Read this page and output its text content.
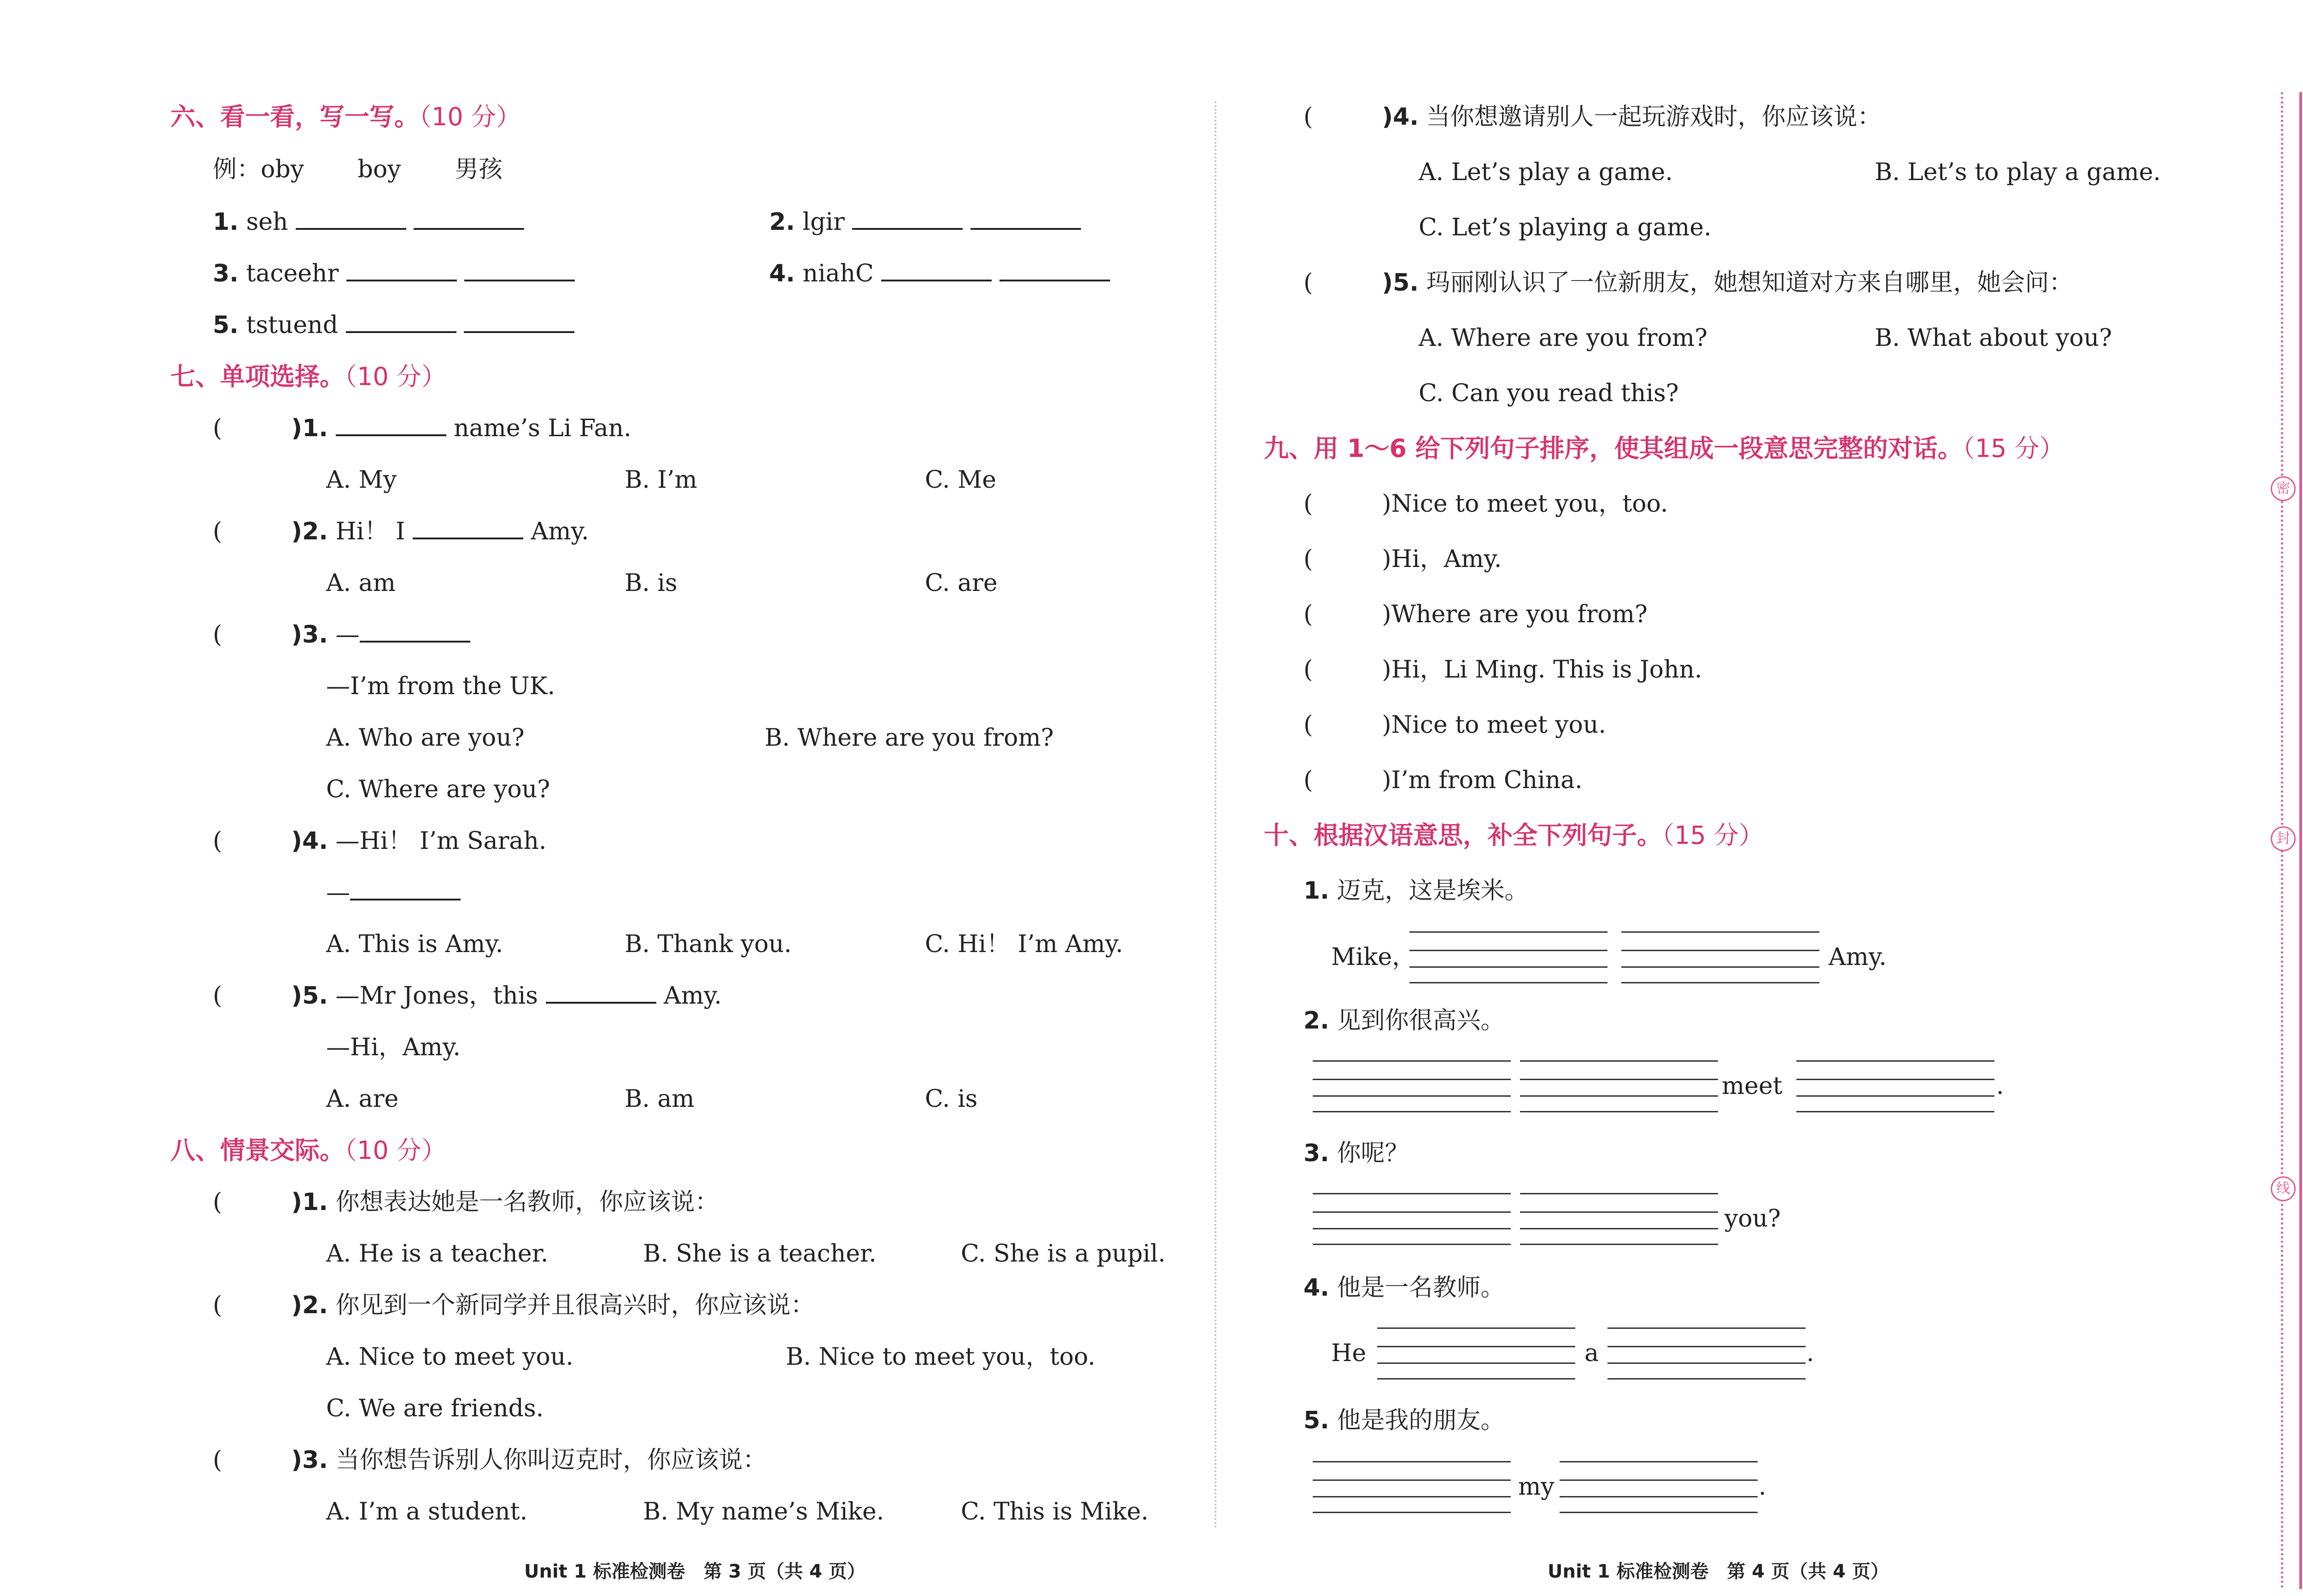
六、看一看，写一写。（10 分）
例：oby boy 男孩
1. seh	2. lgir
3. taceehr	4. niahC
5. tstuend
七、单项选择。（10 分）
(	)1.	name’s Li Fan.
A. My	B. I’m	C. Me
(	)2. Hi！ I	Amy.
A. am	B. is	C. are
(	)3. —
—I’m from the UK.
A. Who are you?	B. Where are you from?
C. Where are you?
(	)4. —Hi！ I’m Sarah.
—
A. This is Amy.	B. Thank you.	C. Hi！ I’m Amy.
(	)5. —Mr Jones，this	Amy.
—Hi，Amy.
A. are	B. am	C. is
八、情景交际。（10 分）
(	)1. 你想表达她是一名教师，你应该说：
A. He is a teacher.	B. She is a teacher.	C. She is a pupil.
(	)2. 你见到一个新同学并且很高兴时，你应该说：
A. Nice to meet you.	B. Nice to meet you，too.
C. We are friends.
(	)3. 当你想告诉别人你叫迈克时，你应该说：
A. I’m a student.	B. My name’s Mike.	C. This is Mike.
Unit 1 标准检测卷　第 3 页（共 4 页）
(	)4. 当你想邀请别人一起玩游戏时，你应该说：
A. Let’s play a game.	B. Let’s to play a game.
C. Let’s playing a game.
(	)5. 玛丽刚认识了一位新朋友，她想知道对方来自哪里，她会问：
A. Where are you from?	B. What about you?
C. Can you read this?
九、用 1～6 给下列句子排序，使其组成一段意思完整的对话。（15 分）
(	)Nice to meet you，too.
(	)Hi，Amy.
(	)Where are you from?
(	)Hi，Li Ming. This is John.
(	)Nice to meet you.
(	)I’m from China.
十、根据汉语意思，补全下列句子。（15 分）
1. 迈克，这是埃米。
Mike，	Amy.
2. 见到你很高兴。
meet	.
3. 你呢？
you?
4. 他是一名教师。
He	a	.
5. 他是我的朋友。
my	.
Unit 1 标准检测卷　第 4 页（共 4 页）
密
封
线
